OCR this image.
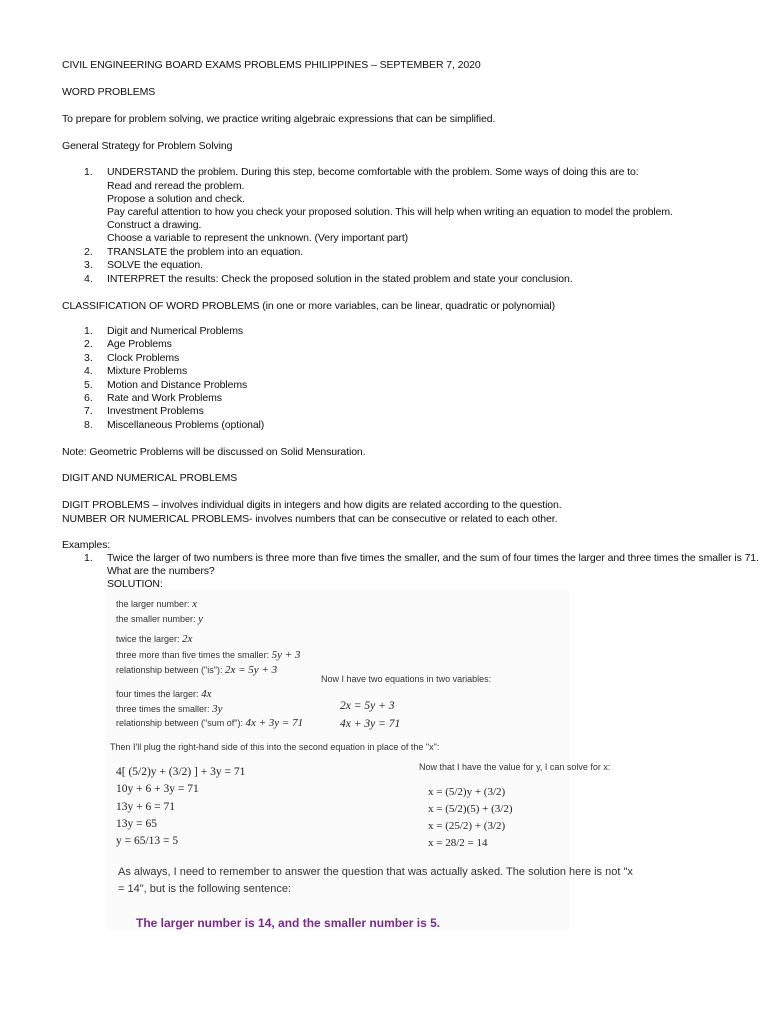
CIVIL ENGINEERING BOARD EXAMS PROBLEMS PHILIPPINES – SEPTEMBER 7, 2020
WORD PROBLEMS
To prepare for problem solving, we practice writing algebraic expressions that can be simplified.
General Strategy for Problem Solving
1. UNDERSTAND the problem. During this step, become comfortable with the problem. Some ways of doing this are to:
Read and reread the problem.
Propose a solution and check.
Pay careful attention to how you check your proposed solution. This will help when writing an equation to model the problem.
Construct a drawing.
Choose a variable to represent the unknown. (Very important part)
2. TRANSLATE the problem into an equation.
3. SOLVE the equation.
4. INTERPRET the results: Check the proposed solution in the stated problem and state your conclusion.
CLASSIFICATION OF WORD PROBLEMS (in one or more variables, can be linear, quadratic or polynomial)
1. Digit and Numerical Problems
2. Age Problems
3. Clock Problems
4. Mixture Problems
5. Motion and Distance Problems
6. Rate and Work Problems
7. Investment Problems
8. Miscellaneous Problems (optional)
Note: Geometric Problems will be discussed on Solid Mensuration.
DIGIT AND NUMERICAL PROBLEMS
DIGIT PROBLEMS – involves individual digits in integers and how digits are related according to the question.
NUMBER OR NUMERICAL PROBLEMS- involves numbers that can be consecutive or related to each other.
Examples:
1. Twice the larger of two numbers is three more than five times the smaller, and the sum of four times the larger and three times the smaller is 71.
What are the numbers?
SOLUTION:
the larger number: x
the smaller number: y
twice the larger: 2x
three more than five times the smaller: 5y + 3
relationship between ("is"): 2x = 5y + 3
Now I have two equations in two variables:
four times the larger: 4x
three times the smaller: 3y
relationship between ("sum of"): 4x + 3y = 71
2x = 5y + 3
4x + 3y = 71
Then I'll plug the right-hand side of this into the second equation in place of the "x":
4[ (5/2)y + (3/2) ] + 3y = 71
10y + 6 + 3y = 71
13y + 6 = 71
13y = 65
y = 65/13 = 5
Now that I have the value for y, I can solve for x:
x = (5/2)y + (3/2)
x = (5/2)(5) + (3/2)
x = (25/2) + (3/2)
x = 28/2 = 14
As always, I need to remember to answer the question that was actually asked. The solution here is not "x
= 14", but is the following sentence:
The larger number is 14, and the smaller number is 5.
